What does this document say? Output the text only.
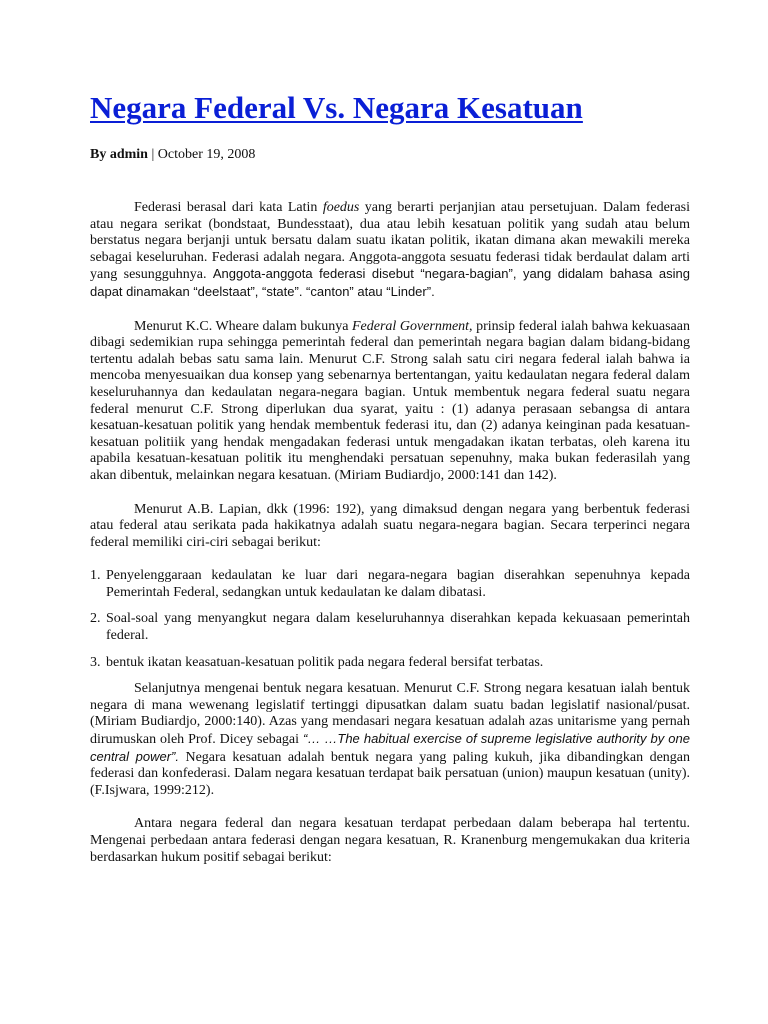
Negara Federal Vs. Negara Kesatuan
By admin | October 19, 2008

Federasi berasal dari kata Latin foedus yang berarti perjanjian atau persetujuan. Dalam federasi atau negara serikat (bondstaat, Bundesstaat), dua atau lebih kesatuan politik yang sudah atau belum berstatus negara berjanji untuk bersatu dalam suatu ikatan politik, ikatan dimana akan mewakili mereka sebagai keseluruhan. Federasi adalah negara. Anggota-anggota sesuatu federasi tidak berdaulat dalam arti yang sesungguhnya. Anggota-anggota federasi disebut “negara-bagian”, yang didalam bahasa asing dapat dinamakan “deelstaat”, “state”. “canton” atau “Linder”.

Menurut K.C. Wheare dalam bukunya Federal Government, prinsip federal ialah bahwa kekuasaan dibagi sedemikian rupa sehingga pemerintah federal dan pemerintah negara bagian dalam bidang-bidang tertentu adalah bebas satu sama lain. Menurut C.F. Strong salah satu ciri negara federal ialah bahwa ia mencoba menyesuaikan dua konsep yang sebenarnya bertentangan, yaitu kedaulatan negara federal dalam keseluruhannya dan kedaulatan negara-negara bagian. Untuk membentuk negara federal suatu negara federal menurut C.F. Strong diperlukan dua syarat, yaitu : (1) adanya perasaan sebangsa di antara kesatuan-kesatuan politik yang hendak membentuk federasi itu, dan (2) adanya keinginan pada kesatuan-kesatuan politiik yang hendak mengadakan federasi untuk mengadakan ikatan terbatas, oleh karena itu apabila kesatuan-kesatuan politik itu menghendaki persatuan sepenuhny, maka bukan federasilah yang akan dibentuk, melainkan negara kesatuan. (Miriam Budiardjo, 2000:141 dan 142).

Menurut A.B. Lapian, dkk (1996: 192), yang dimaksud dengan negara yang berbentuk federasi atau federal atau serikata pada hakikatnya adalah suatu negara-negara bagian. Secara terperinci negara federal memiliki ciri-ciri sebagai berikut:

1. Penyelenggaraan kedaulatan ke luar dari negara-negara bagian diserahkan sepenuhnya kepada Pemerintah Federal, sedangkan untuk kedaulatan ke dalam dibatasi.
2. Soal-soal yang menyangkut negara dalam keseluruhannya diserahkan kepada kekuasaan pemerintah federal.
3. bentuk ikatan keasatuan-kesatuan politik pada negara federal bersifat terbatas.

Selanjutnya mengenai bentuk negara kesatuan. Menurut C.F. Strong negara kesatuan ialah bentuk negara di mana wewenang legislatif tertinggi dipusatkan dalam suatu badan legislatif nasional/pusat. (Miriam Budiardjo, 2000:140). Azas yang mendasari negara kesatuan adalah azas unitarisme yang pernah dirumuskan oleh Prof. Dicey sebagai “… …The habitual exercise of supreme legislative authority by one central power”. Negara kesatuan adalah bentuk negara yang paling kukuh, jika dibandingkan dengan federasi dan konfederasi. Dalam negara kesatuan terdapat baik persatuan (union) maupun kesatuan (unity). (F.Isjwara, 1999:212).

Antara negara federal dan negara kesatuan terdapat perbedaan dalam beberapa hal tertentu. Mengenai perbedaan antara federasi dengan negara kesatuan, R. Kranenburg mengemukakan dua kriteria berdasarkan hukum positif sebagai berikut:
